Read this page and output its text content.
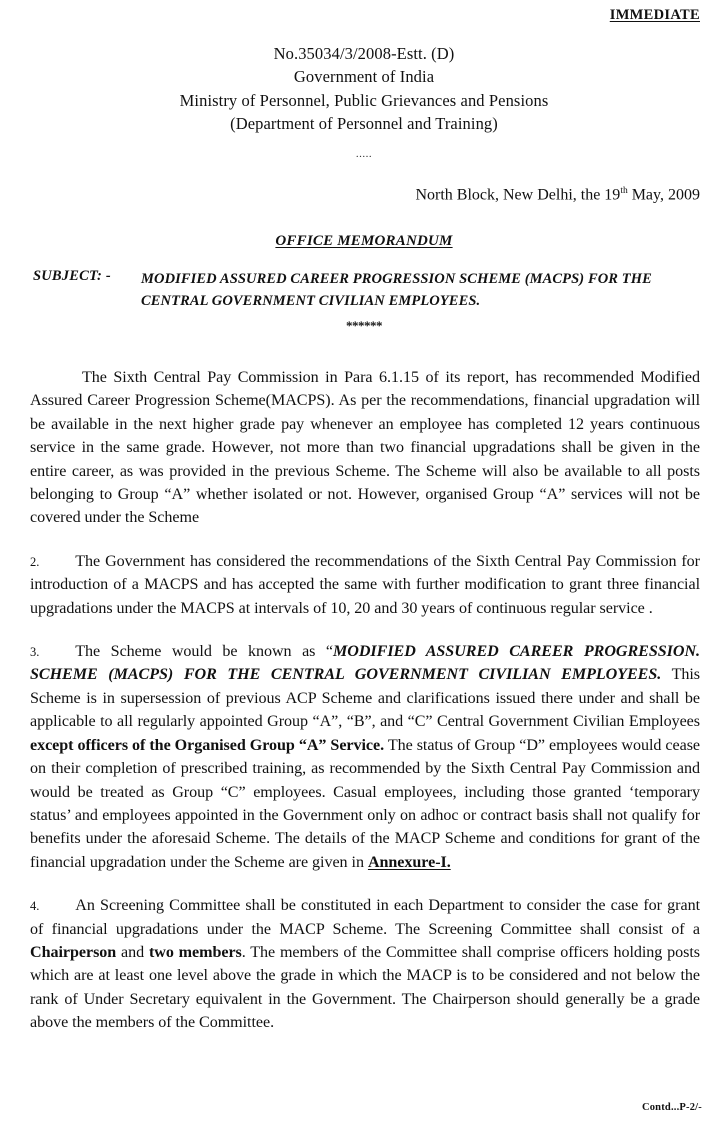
IMMEDIATE
No.35034/3/2008-Estt. (D)
Government of India
Ministry of Personnel, Public Grievances and Pensions
(Department of Personnel and Training)
.....
North Block, New Delhi, the 19th May, 2009
OFFICE MEMORANDUM
SUBJECT: -	MODIFIED ASSURED CAREER PROGRESSION SCHEME (MACPS) FOR THE
CENTRAL GOVERNMENT CIVILIAN EMPLOYEES.
******

The Sixth Central Pay Commission in Para 6.1.15 of its report, has recommended Modified Assured Career Progression Scheme(MACPS). As per the recommendations, financial upgradation will be available in the next higher grade pay whenever an employee has completed 12 years continuous service in the same grade. However, not more than two financial upgradations shall be given in the entire career, as was provided in the previous Scheme. The Scheme will also be available to all posts belonging to Group “A” whether isolated or not. However, organised Group “A” services will not be covered under the Scheme

2. The Government has considered the recommendations of the Sixth Central Pay Commission for introduction of a MACPS and has accepted the same with further modification to grant three financial upgradations under the MACPS at intervals of 10, 20 and 30 years of continuous regular service .

3. The Scheme would be known as “MODIFIED ASSURED CAREER PROGRESSION. SCHEME (MACPS) FOR THE CENTRAL GOVERNMENT CIVILIAN EMPLOYEES. This Scheme is in supersession of previous ACP Scheme and clarifications issued there under and shall be applicable to all regularly appointed Group “A”, “B”, and “C” Central Government Civilian Employees except officers of the Organised Group “A” Service. The status of Group “D” employees would cease on their completion of prescribed training, as recommended by the Sixth Central Pay Commission and would be treated as Group “C” employees. Casual employees, including those granted ‘temporary status’ and employees appointed in the Government only on adhoc or contract basis shall not qualify for benefits under the aforesaid Scheme. The details of the MACP Scheme and conditions for grant of the financial upgradation under the Scheme are given in Annexure-I.

4. An Screening Committee shall be constituted in each Department to consider the case for grant of financial upgradations under the MACP Scheme. The Screening Committee shall consist of a Chairperson and two members. The members of the Committee shall comprise officers holding posts which are at least one level above the grade in which the MACP is to be considered and not below the rank of Under Secretary equivalent in the Government. The Chairperson should generally be a grade above the members of the Committee.

Contd...P-2/-
